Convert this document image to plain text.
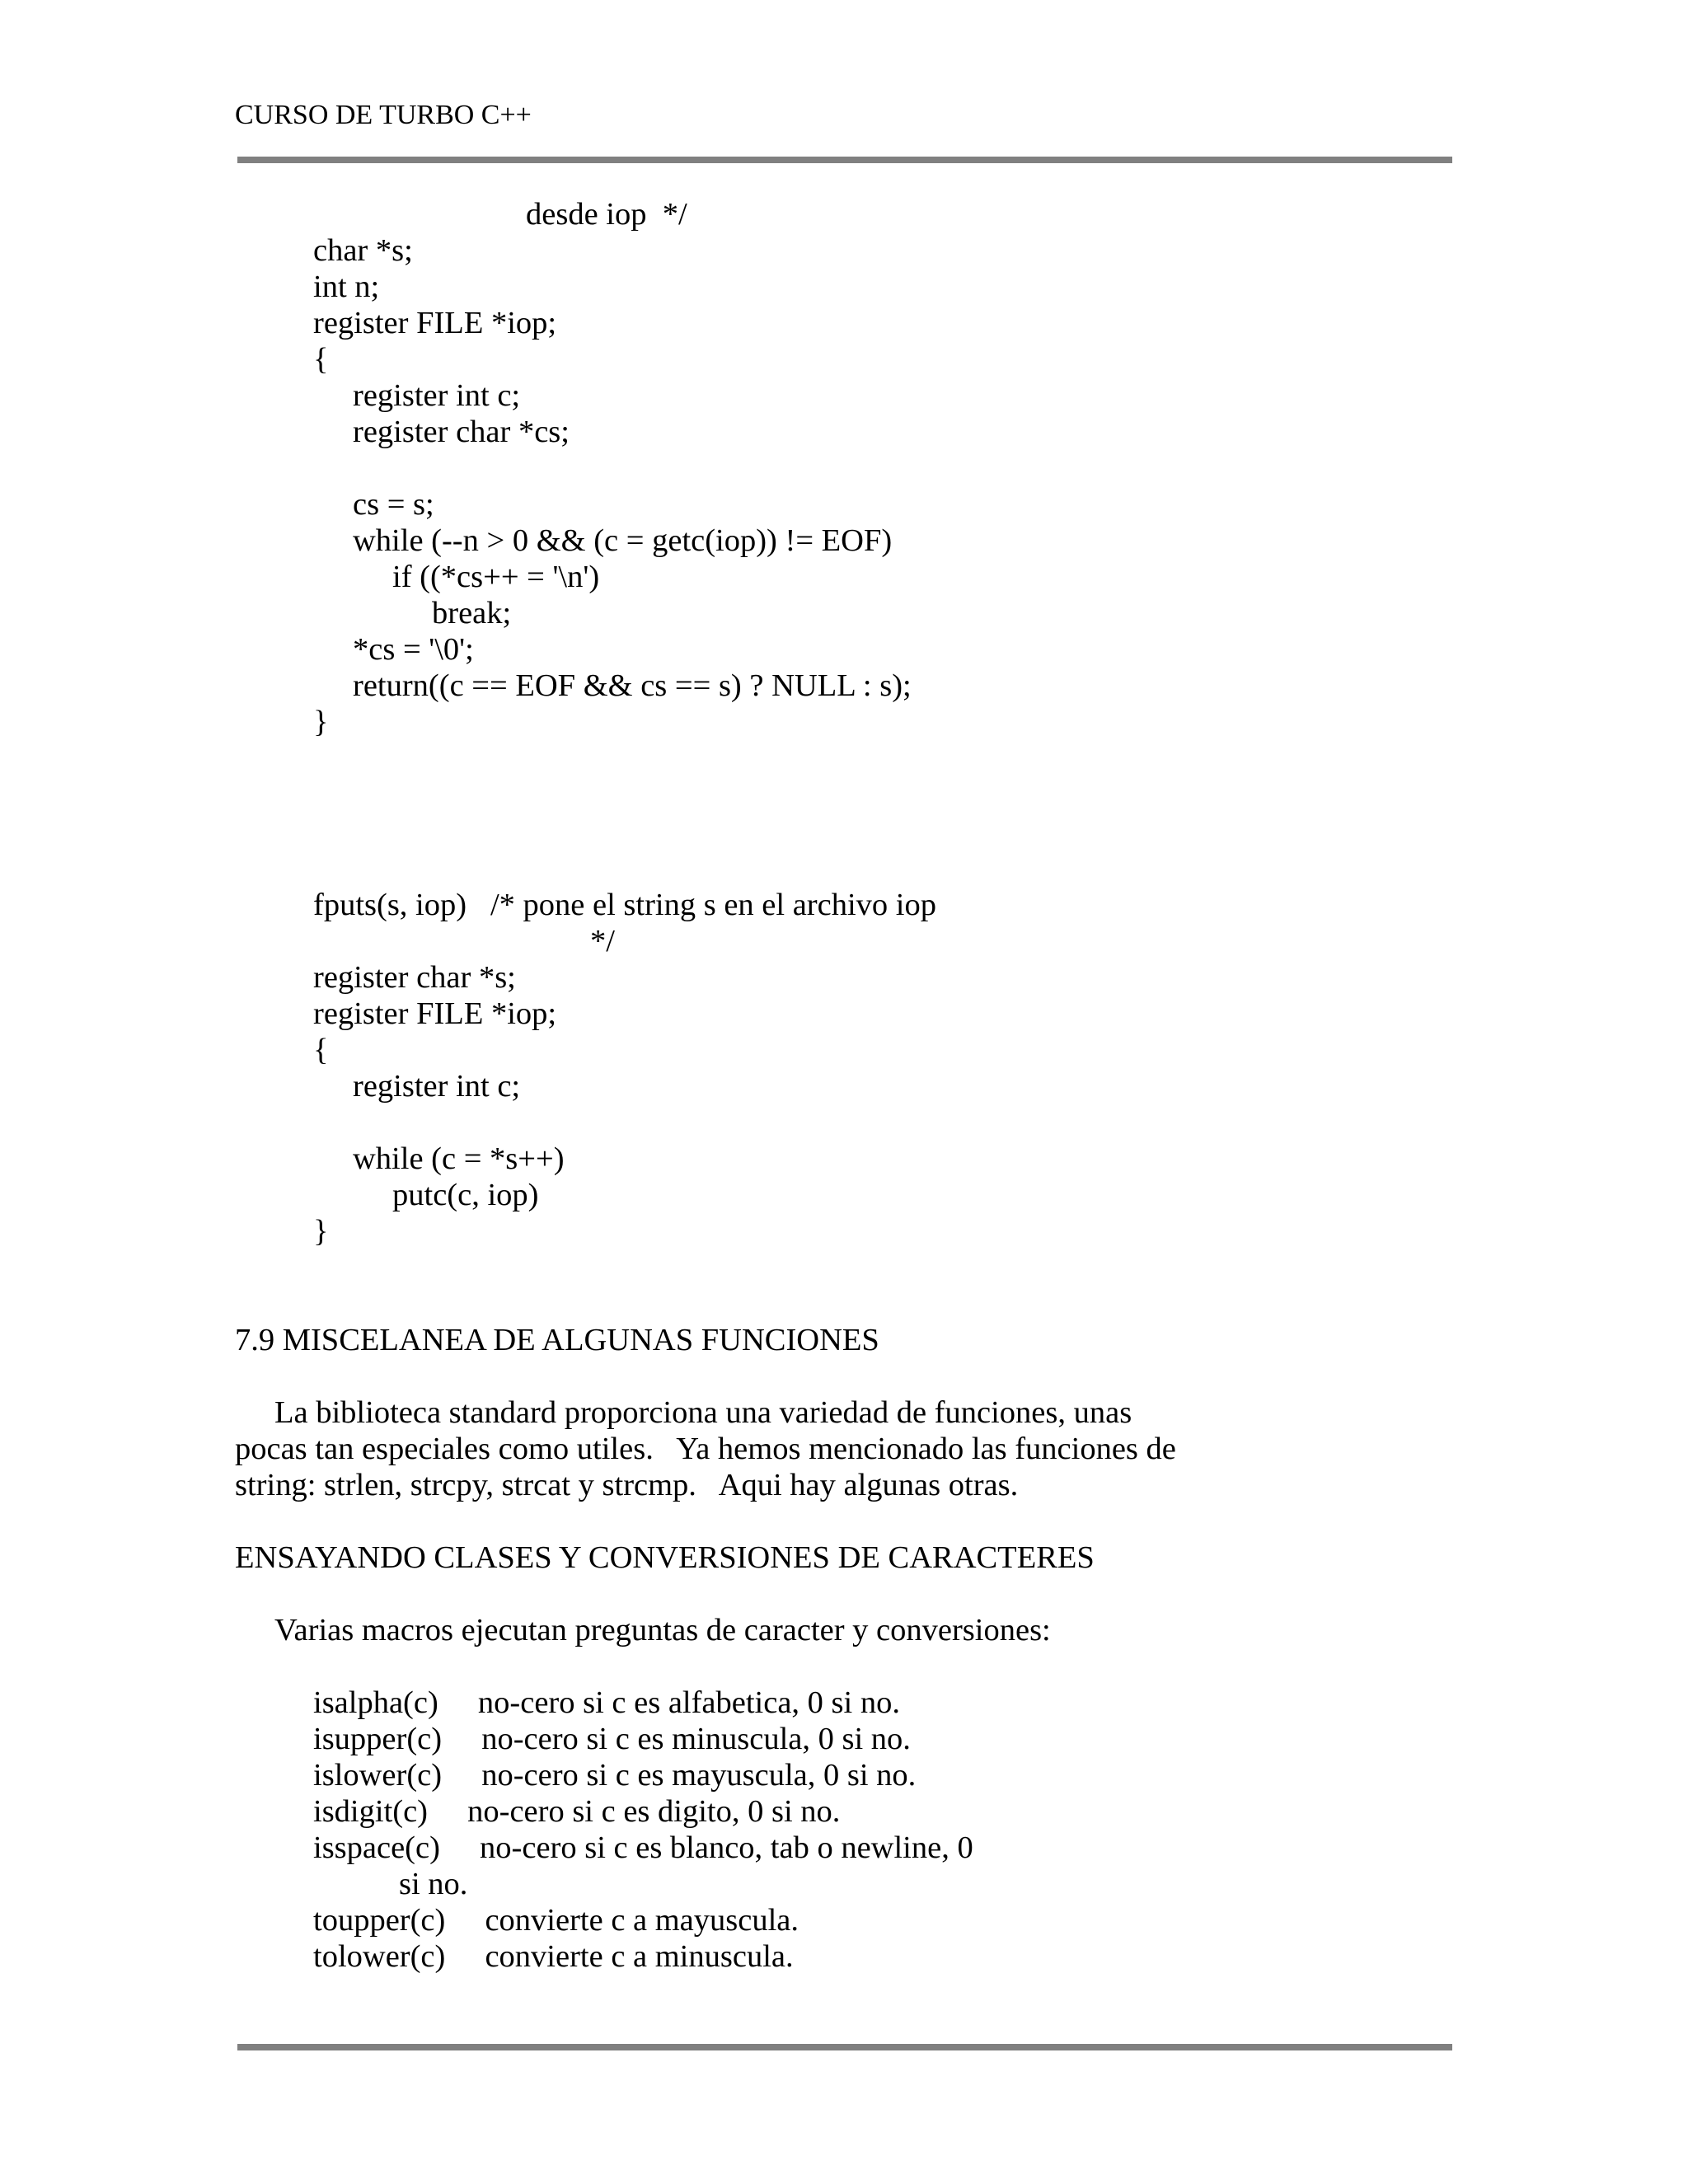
CURSO DE TURBO C++
desde iop  */
char *s;
int n;
register FILE *iop;
{
register int c;
register char *cs;
cs = s;
while (--n > 0 && (c = getc(iop)) != EOF)
if ((*cs++ = '\n')
break;
*cs = '\0';
return((c == EOF && cs == s) ? NULL : s);
}
fputs(s, iop)   /* pone el string s en el archivo iop
*/
register char *s;
register FILE *iop;
{
register int c;
while (c = *s++)
putc(c, iop)
}
7.9 MISCELANEA DE ALGUNAS FUNCIONES
La biblioteca standard proporciona una variedad de funciones, unas
pocas tan especiales como utiles.   Ya hemos mencionado las funciones de
string: strlen, strcpy, strcat y strcmp.   Aqui hay algunas otras.
ENSAYANDO CLASES Y CONVERSIONES DE CARACTERES
Varias macros ejecutan preguntas de caracter y conversiones:
isalpha(c)     no-cero si c es alfabetica, 0 si no.
isupper(c)     no-cero si c es minuscula, 0 si no.
islower(c)     no-cero si c es mayuscula, 0 si no.
isdigit(c)     no-cero si c es digito, 0 si no.
isspace(c)     no-cero si c es blanco, tab o newline, 0
si no.
toupper(c)     convierte c a mayuscula.
tolower(c)     convierte c a minuscula.
